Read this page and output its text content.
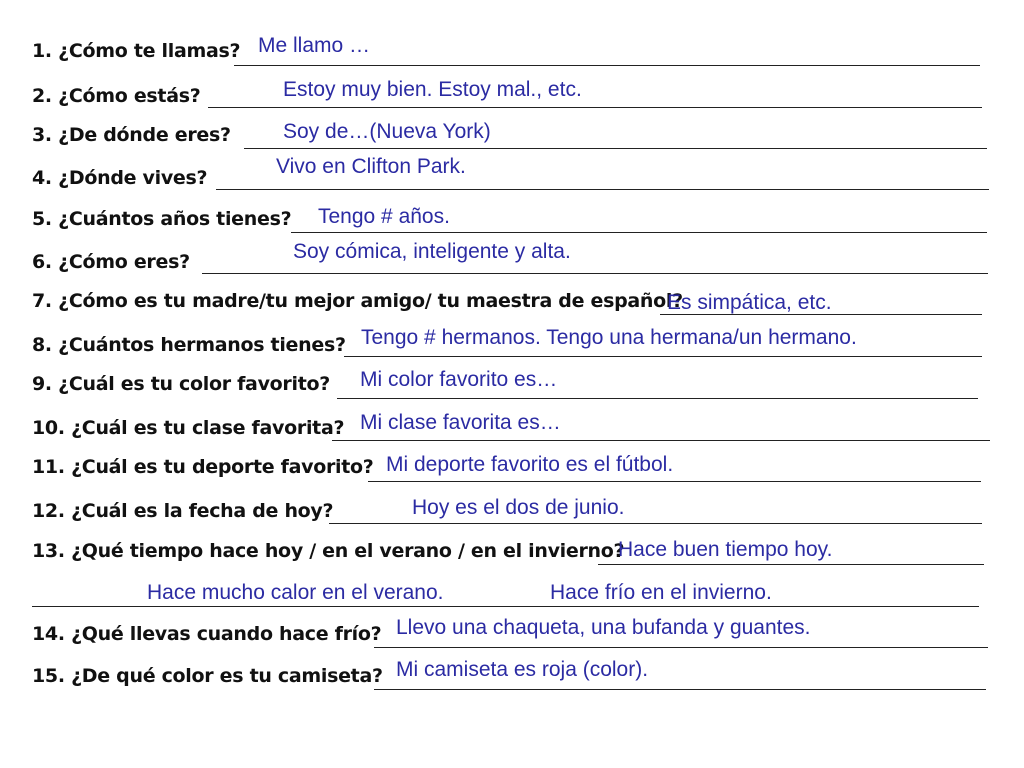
1. ¿Cómo te llamas? Me llamo …
2. ¿Cómo estás?	Estoy muy bien. Estoy mal., etc.
3. ¿De dónde eres? Soy de…(Nueva York)
4. ¿Dónde vives?	Vivo en Clifton Park.
5. ¿Cuántos años tienes? Tengo # años.
6. ¿Cómo eres?	Soy cómica, inteligente y alta.
7. ¿Cómo es tu madre/tu mejor amigo/ tu maestra de español?
Es simpática, etc.
8. ¿Cuántos hermanos tienes? Tengo # hermanos. Tengo una hermana/un hermano.
9. ¿Cuál es tu color favorito? Mi color favorito es…
10. ¿Cuál es tu clase favorita? Mi clase favorita es…
11. ¿Cuál es tu deporte favorito? Mi deporte favorito es el fútbol.
12. ¿Cuál es la fecha de hoy?	Hoy es el dos de junio.
13. ¿Qué tiempo hace hoy / en el verano / en el invierno?
Hace buen tiempo hoy.
Hace mucho calor en el verano.	Hace frío en el invierno.
14. ¿Qué llevas cuando hace frío? Llevo una chaqueta, una bufanda y guantes.
15. ¿De qué color es tu camiseta? Mi camiseta es roja (color).
